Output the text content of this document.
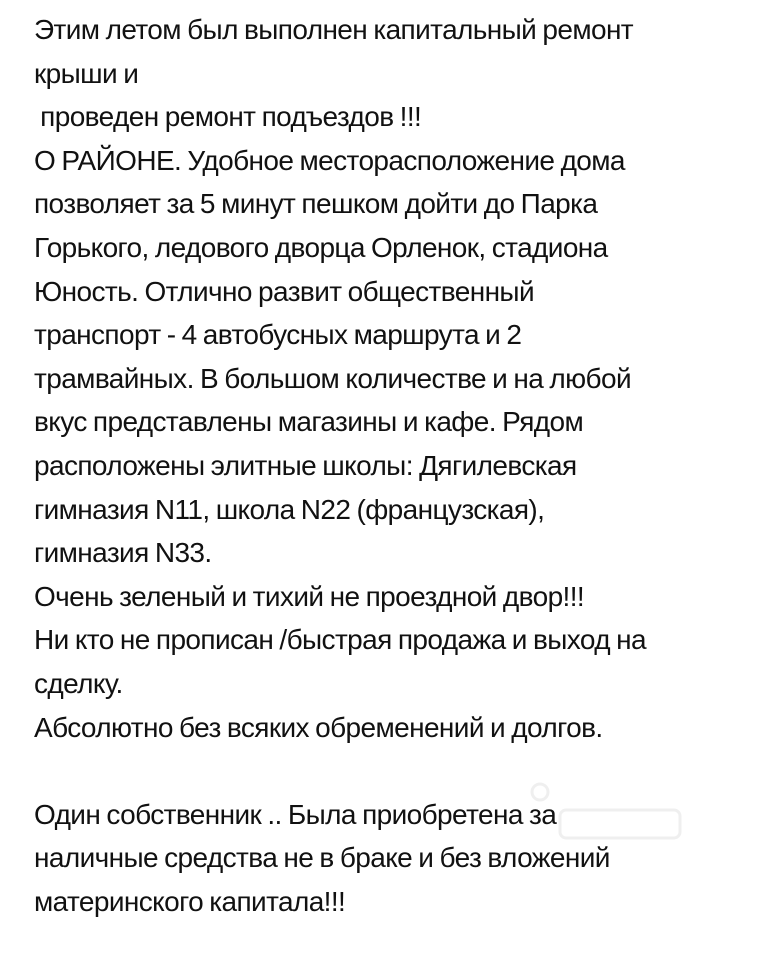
Этим летом был выполнен капитальный ремонт
крыши и
проведен ремонт подъездов !!!
О РАЙОНЕ. Удобное месторасположение дома
позволяет за 5 минут пешком дойти до Парка
Горького, ледового дворца Орленок, стадиона
Юность. Отлично развит общественный
транспорт - 4 автобусных маршрута и 2
трамвайных. В большом количестве и на любой
вкус представлены магазины и кафе. Рядом
расположены элитные школы: Дягилевская
гимназия N11, школа N22 (французская),
гимназия N33.
Очень зеленый и тихий не проездной двор!!!
Ни кто не прописан /быстрая продажа и выход на
сделку.
Абсолютно без всяких обременений и долгов.
Один собственник .. Была приобретена за
наличные средства не в браке и без вложений
материнского капитала!!!
